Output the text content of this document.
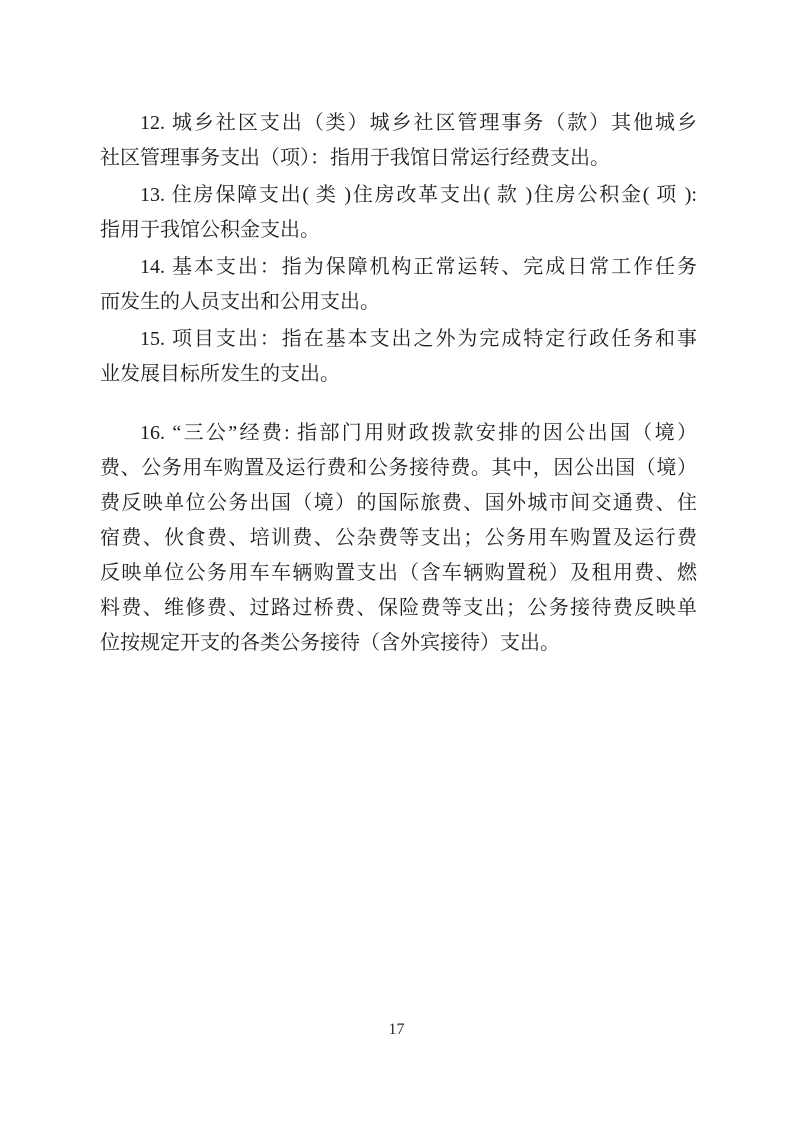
12. 城乡社区支出（类）城乡社区管理事务（款）其他城乡
社区管理事务支出（项）：指用于我馆日常运行经费支出。
13. 住房保障支出( 类 )住房改革支出( 款 )住房公积金( 项 ):
指用于我馆公积金支出。
14. 基本支出：指为保障机构正常运转、完成日常工作任务
而发生的人员支出和公用支出。
15. 项目支出：指在基本支出之外为完成特定行政任务和事
业发展目标所发生的支出。
16. “三公”经费: 指部门用财政拨款安排的因公出国（境）
费、公务用车购置及运行费和公务接待费。其中，因公出国（境）
费反映单位公务出国（境）的国际旅费、国外城市间交通费、住
宿费、伙食费、培训费、公杂费等支出；公务用车购置及运行费
反映单位公务用车车辆购置支出（含车辆购置税）及租用费、燃
料费、维修费、过路过桥费、保险费等支出；公务接待费反映单
位按规定开支的各类公务接待（含外宾接待）支出。
17
